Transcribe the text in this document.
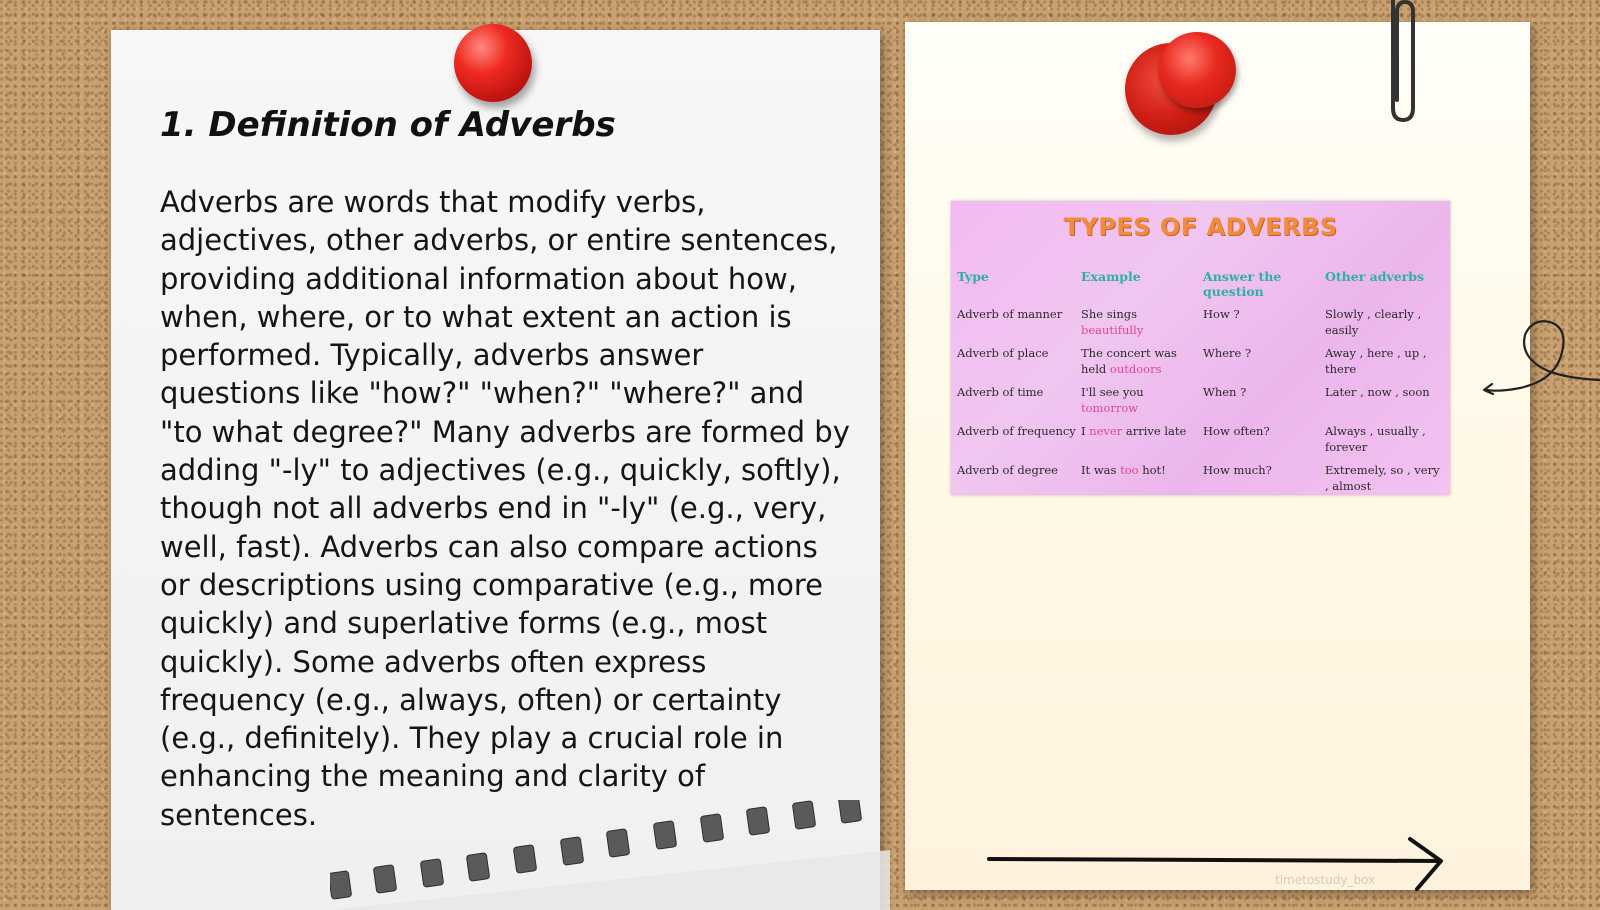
1. Definition of Adverbs

Adverbs are words that modify verbs, adjectives, other adverbs, or entire sentences, providing additional information about how, when, where, or to what extent an action is performed. Typically, adverbs answer questions like "how?" "when?" "where?" and "to what degree?" Many adverbs are formed by adding "-ly" to adjectives (e.g., quickly, softly), though not all adverbs end in "-ly" (e.g., very, well, fast). Adverbs can also compare actions or descriptions using comparative (e.g., more quickly) and superlative forms (e.g., most quickly). Some adverbs often express frequency (e.g., always, often) or certainty (e.g., definitely). They play a crucial role in enhancing the meaning and clarity of sentences.

TYPES OF ADVERBS
Type	Example	Answer the question	Other adverbs
Adverb of manner	She sings beautifully	How ?	Slowly , clearly , easily
Adverb of place	The concert was held outdoors	Where ?	Away , here , up , there
Adverb of time	I'll see you tomorrow	When ?	Later , now , soon
Adverb of frequency	I never arrive late	How often?	Always , usually , forever
Adverb of degree	It was too hot!	How much?	Extremely, so , very , almost
timetostudy_box
